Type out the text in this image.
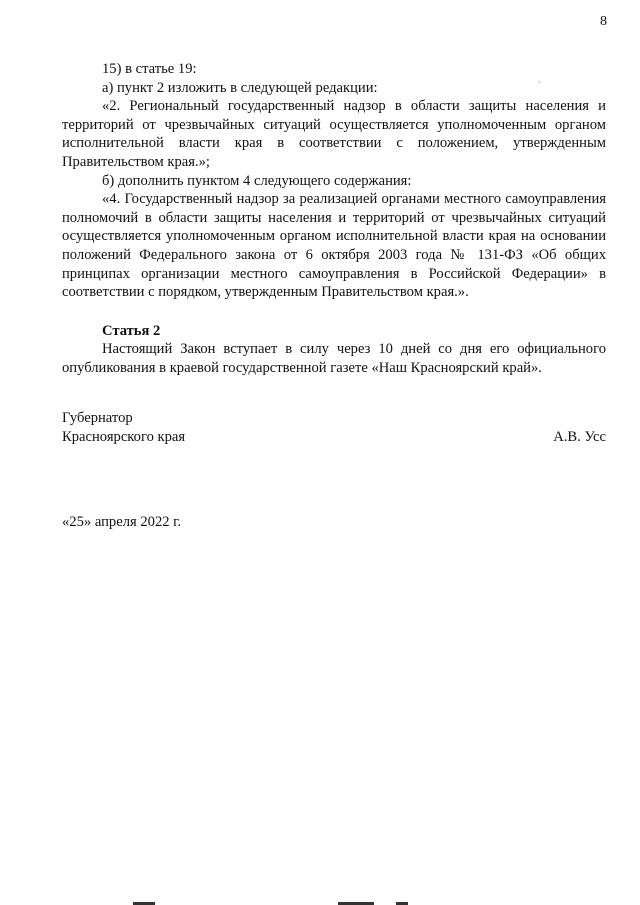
8
`

15) в статье 19:

а) пункт 2 изложить в следующей редакции:

«2. Региональный государственный надзор в области защиты населения и территорий от чрезвычайных ситуаций осуществляется уполномоченным органом исполнительной власти края в соответствии с положением, утвержденным Правительством края.»;

б) дополнить пунктом 4 следующего содержания:

«4. Государственный надзор за реализацией органами местного самоуправления полномочий в области защиты населения и территорий от чрезвычайных ситуаций осуществляется уполномоченным органом исполнительной власти края на основании положений Федерального закона от 6 октября 2003 года № 131-ФЗ «Об общих принципах организации местного самоуправления в Российской Федерации» в соответствии с порядком, утвержденным Правительством края.».

Статья 2

Настоящий Закон вступает в силу через 10 дней со дня его официального опубликования в краевой государственной газете «Наш Красноярский край».

Губернатор
Красноярского края	А.В. Усс
«25» апреля 2022 г.
